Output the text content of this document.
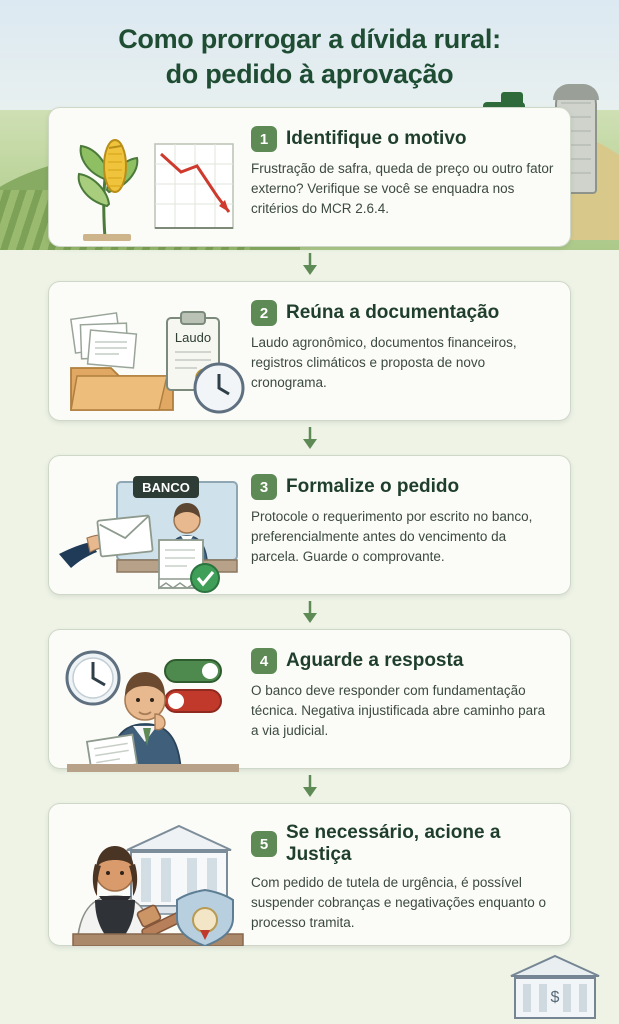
$
Como prorrogar a dívida rural:
do pedido à aprovação
1 Identifique o motivo
Frustração de safra, queda de preço ou outro fator externo? Verifique se você se enquadra nos critérios do MCR 2.6.4.
Laudo
2 Reúna a documentação
Laudo agronômico, documentos financeiros, registros climáticos e proposta de novo cronograma.
BANCO	3 Formalize o pedido
Protocole o requerimento por escrito no banco, preferencialmente antes do vencimento da parcela. Guarde o comprovante.
4 Aguarde a resposta
O banco deve responder com fundamentação técnica. Negativa injustificada abre caminho para a via judicial.
5
Se necessário, acione a Justiça
Com pedido de tutela de urgência, é possível suspender cobranças e negativações enquanto o processo tramita.
